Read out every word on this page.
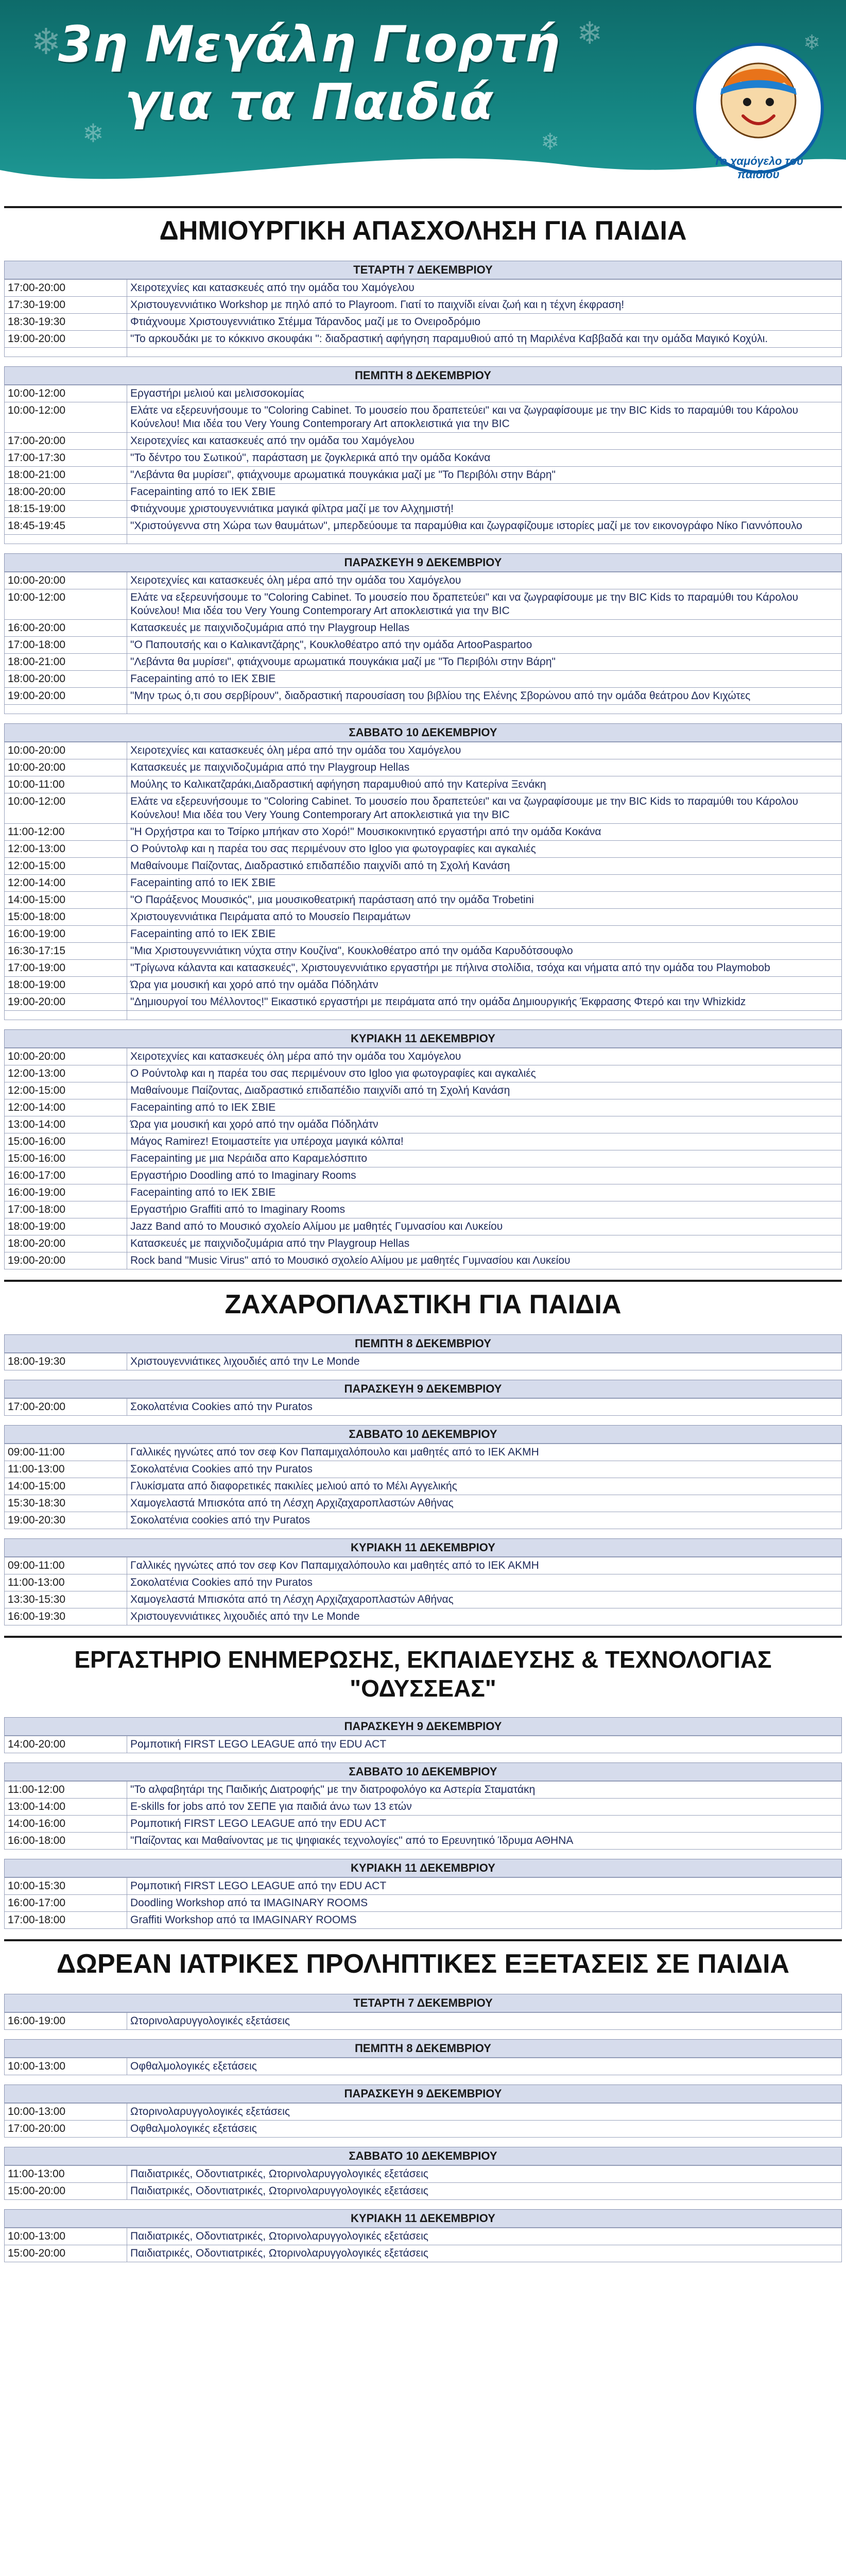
❄	❄
❄	❄
❄
3η Μεγάλη Γιορτή
για τα Παιδιά
Το χαμόγελο του παιδιού
ΔΗΜΙΟΥΡΓΙΚΗ ΑΠΑΣΧΟΛΗΣΗ ΓΙΑ ΠΑΙΔΙΑ
ΤΕΤΑΡΤΗ 7 ΔΕΚΕΜΒΡΙΟΥ
17:00-20:00	Χειροτεχνίες και κατασκευές από την ομάδα του Χαμόγελου
17:30-19:00	Χριστουγεννιάτικο Workshop με πηλό από το Playroom. Γιατί το παιχνίδι είναι ζωή και η τέχνη έκφραση!
18:30-19:30	Φτιάχνουμε Χριστουγεννιάτικο Στέμμα Τάρανδος μαζί με το Ονειροδρόμιο
19:00-20:00	"Το αρκουδάκι με το κόκκινο σκουφάκι ": διαδραστική αφήγηση παραμυθιού από τη Μαριλένα Καββαδά και την ομάδα Μαγικό Κοχύλι.

ΠΕΜΠΤΗ 8 ΔΕΚΕΜΒΡΙΟΥ
10:00-12:00	Εργαστήρι μελιού και μελισσοκομίας
10:00-12:00	Ελάτε να εξερευνήσουμε το "Coloring Cabinet. Το μουσείο που δραπετεύει" και να ζωγραφίσουμε με την BIC Kids το παραμύθι του Κάρολου Κούνελου! Μια ιδέα του Very Young Contemporary Art αποκλειστικά για την BIC
17:00-20:00	Χειροτεχνίες και κατασκευές από την ομάδα του Χαμόγελου
17:00-17:30	"Το δέντρο του Σωτικού", παράσταση με ζογκλερικά από την ομάδα Κοκάνα
18:00-21:00	"Λεβάντα θα μυρίσει", φτιάχνουμε αρωματικά πουγκάκια μαζί με "Το Περιβόλι στην Βάρη"
18:00-20:00	Facepainting από το ΙΕΚ ΣΒΙΕ
18:15-19:00	Φτιάχνουμε χριστουγεννιάτικα μαγικά φίλτρα μαζί με τον Αλχημιστή!
18:45-19:45	"Χριστούγεννα στη Χώρα των θαυμάτων", μπερδεύουμε τα παραμύθια και ζωγραφίζουμε ιστορίες μαζί με τον εικονογράφο Νίκο Γιαννόπουλο

ΠΑΡΑΣΚΕΥΗ 9 ΔΕΚΕΜΒΡΙΟΥ
10:00-20:00	Χειροτεχνίες και κατασκευές όλη μέρα από την ομάδα του Χαμόγελου
10:00-12:00	Ελάτε να εξερευνήσουμε το "Coloring Cabinet. Το μουσείο που δραπετεύει" και να ζωγραφίσουμε με την BIC Kids το παραμύθι του Κάρολου Κούνελου! Μια ιδέα του Very Young Contemporary Art αποκλειστικά για την BIC
16:00-20:00	Κατασκευές με παιχνιδοζυμάρια από την Playgroup Hellas
17:00-18:00	"Ο Παπουτσής και ο Καλικαντζάρης", Κουκλοθέατρο από την ομάδα ArtooPaspartoo
18:00-21:00	"Λεβάντα θα μυρίσει", φτιάχνουμε αρωματικά πουγκάκια μαζί με "Το Περιβόλι στην Βάρη"
18:00-20:00	Facepainting από το ΙΕΚ ΣΒΙΕ
19:00-20:00	"Μην τρως ό,τι σου σερβίρουν", διαδραστική παρουσίαση του βιβλίου της Ελένης Σβορώνου από την ομάδα θεάτρου Δον Κιχώτες

ΣΑΒΒΑΤΟ 10 ΔΕΚΕΜΒΡΙΟΥ
10:00-20:00	Χειροτεχνίες και κατασκευές όλη μέρα από την ομάδα του Χαμόγελου
10:00-20:00	Κατασκευές με παιχνιδοζυμάρια από την Playgroup Hellas
10:00-11:00	Μούλης το Καλικατζαράκι,Διαδραστική αφήγηση παραμυθιού από την Κατερίνα Ξενάκη
10:00-12:00	Ελάτε να εξερευνήσουμε το "Coloring Cabinet. Το μουσείο που δραπετεύει" και να ζωγραφίσουμε με την BIC Kids το παραμύθι του Κάρολου Κούνελου! Μια ιδέα του Very Young Contemporary Art αποκλειστικά για την BIC
11:00-12:00	"Η Ορχήστρα και το Τσίρκο μπήκαν στο Χορό!" Μουσικοκινητικό εργαστήρι από την ομάδα Κοκάνα
12:00-13:00	Ο Ρούντολφ και η παρέα του σας περιμένουν στο Igloo για φωτογραφίες και αγκαλιές
12:00-15:00	Μαθαίνουμε Παίζοντας, Διαδραστικό επιδαπέδιο παιχνίδι από τη Σχολή Κανάση
12:00-14:00	Facepainting από το ΙΕΚ ΣΒΙΕ
14:00-15:00	"Ο Παράξενος Μουσικός", μια μουσικοθεατρική παράσταση από την ομάδα Trobetini
15:00-18:00	Χριστουγεννιάτικα Πειράματα από το Μουσείο Πειραμάτων
16:00-19:00	Facepainting από το ΙΕΚ ΣΒΙΕ
16:30-17:15	"Μια Χριστουγεννιάτικη νύχτα στην Κουζίνα", Κουκλοθέατρο από την ομάδα Καρυδότσουφλο
17:00-19:00	"Τρίγωνα κάλαντα και κατασκευές", Χριστουγεννιάτικο εργαστήρι με πήλινα στολίδια, τσόχα και νήματα από την ομάδα του Playmobob
18:00-19:00	Ώρα για μουσική και χορό από την ομάδα Πόδηλάτν
19:00-20:00	"Δημιουργοί του Μέλλοντος!" Εικαστικό εργαστήρι με πειράματα από την ομάδα Δημιουργικής Έκφρασης Φτερό και την Whizkidz

ΚΥΡΙΑΚΗ 11 ΔΕΚΕΜΒΡΙΟΥ
10:00-20:00	Χειροτεχνίες και κατασκευές όλη μέρα από την ομάδα του Χαμόγελου
12:00-13:00	Ο Ρούντολφ και η παρέα του σας περιμένουν στο Igloo για φωτογραφίες και αγκαλιές
12:00-15:00	Μαθαίνουμε Παίζοντας, Διαδραστικό επιδαπέδιο παιχνίδι από τη Σχολή Κανάση
12:00-14:00	Facepainting από το ΙΕΚ ΣΒΙΕ
13:00-14:00	Ώρα για μουσική και χορό από την ομάδα Πόδηλάτν
15:00-16:00	Μάγος Ramirez! Ετοιμαστείτε για υπέροχα μαγικά κόλπα!
15:00-16:00	Facepainting με μια Νεράιδα απο Καραμελόσπιτο
16:00-17:00	Εργαστήριο Doodling από το Imaginary Rooms
16:00-19:00	Facepainting από το ΙΕΚ ΣΒΙΕ
17:00-18:00	Εργαστήριο Graffiti από το Imaginary Rooms
18:00-19:00	Jazz Band από το Μουσικό σχολείο Αλίμου με μαθητές Γυμνασίου και Λυκείου
18:00-20:00	Κατασκευές με παιχνιδοζυμάρια από την Playgroup Hellas
19:00-20:00	Rock band "Music Virus" από το Μουσικό σχολείο Αλίμου με μαθητές Γυμνασίου και Λυκείου
ΖΑΧΑΡΟΠΛΑΣΤΙΚΗ ΓΙΑ ΠΑΙΔΙΑ
ΠΕΜΠΤΗ 8 ΔΕΚΕΜΒΡΙΟΥ
18:00-19:30	Χριστουγεννιάτικες λιχουδιές από την Le Monde
ΠΑΡΑΣΚΕΥΗ 9 ΔΕΚΕΜΒΡΙΟΥ
17:00-20:00	Σοκολατένια Cookies από την Puratos
ΣΑΒΒΑΤΟ 10 ΔΕΚΕΜΒΡΙΟΥ
09:00-11:00	Γαλλικές ηγνώτες από τον σεφ Κον Παπαμιχαλόπουλο και μαθητές από το ΙΕΚ ΑΚΜΗ
11:00-13:00	Σοκολατένια Cookies από την Puratos
14:00-15:00	Γλυκίσματα από διαφορετικές πακιλίες μελιού από το Μέλι Αγγελικής
15:30-18:30	Χαμογελαστά Μπισκότα από τη Λέσχη Αρχιζαχαροπλαστών Αθήνας
19:00-20:30	Σοκολατένια cookies από την Puratos
ΚΥΡΙΑΚΗ 11 ΔΕΚΕΜΒΡΙΟΥ
09:00-11:00	Γαλλικές ηγνώτες από τον σεφ Κον Παπαμιχαλόπουλο και μαθητές από το ΙΕΚ ΑΚΜΗ
11:00-13:00	Σοκολατένια Cookies από την Puratos
13:30-15:30	Χαμογελαστά Μπισκότα από τη Λέσχη Αρχιζαχαροπλαστών Αθήνας
16:00-19:30	Χριστουγεννιάτικες λιχουδιές από την Le Monde
ΕΡΓΑΣΤΗΡΙΟ ΕΝΗΜΕΡΩΣΗΣ, ΕΚΠΑΙΔΕΥΣΗΣ & ΤΕΧΝΟΛΟΓΙΑΣ "ΟΔΥΣΣΕΑΣ"
ΠΑΡΑΣΚΕΥΗ 9 ΔΕΚΕΜΒΡΙΟΥ
14:00-20:00	Ρομποτική FIRST LEGO LEAGUE από την EDU ACT
ΣΑΒΒΑΤΟ 10 ΔΕΚΕΜΒΡΙΟΥ
11:00-12:00	"Το αλφαβητάρι της Παιδικής Διατροφής" με την διατροφολόγο κα Αστερία Σταματάκη
13:00-14:00	E-skills for jobs από τον ΣΕΠΕ για παιδιά άνω των 13 ετών
14:00-16:00	Ρομποτική FIRST LEGO LEAGUE από την EDU ACT
16:00-18:00	"Παίζοντας και Μαθαίνοντας με τις ψηφιακές τεχνολογίες" από το Ερευνητικό Ίδρυμα ΑΘΗΝΑ
ΚΥΡΙΑΚΗ 11 ΔΕΚΕΜΒΡΙΟΥ
10:00-15:30	Ρομποτική FIRST LEGO LEAGUE από την EDU ACT
16:00-17:00	Doodling Workshop από τα IMAGINARY ROOMS
17:00-18:00	Graffiti Workshop από τα IMAGINARY ROOMS
ΔΩΡΕΑΝ ΙΑΤΡΙΚΕΣ ΠΡΟΛΗΠΤΙΚΕΣ ΕΞΕΤΑΣΕΙΣ ΣΕ ΠΑΙΔΙΑ
ΤΕΤΑΡΤΗ 7 ΔΕΚΕΜΒΡΙΟΥ
16:00-19:00	Ωτορινολαρυγγολογικές εξετάσεις
ΠΕΜΠΤΗ 8 ΔΕΚΕΜΒΡΙΟΥ
10:00-13:00	Οφθαλμολογικές εξετάσεις
ΠΑΡΑΣΚΕΥΗ 9 ΔΕΚΕΜΒΡΙΟΥ
10:00-13:00	Ωτορινολαρυγγολογικές εξετάσεις
17:00-20:00	Οφθαλμολογικές εξετάσεις
ΣΑΒΒΑΤΟ 10 ΔΕΚΕΜΒΡΙΟΥ
11:00-13:00	Παιδιατρικές, Οδοντιατρικές, Ωτορινολαρυγγολογικές εξετάσεις
15:00-20:00	Παιδιατρικές, Οδοντιατρικές, Ωτορινολαρυγγολογικές εξετάσεις
ΚΥΡΙΑΚΗ 11 ΔΕΚΕΜΒΡΙΟΥ
10:00-13:00	Παιδιατρικές, Οδοντιατρικές, Ωτορινολαρυγγολογικές εξετάσεις
15:00-20:00	Παιδιατρικές, Οδοντιατρικές, Ωτορινολαρυγγολογικές εξετάσεις
